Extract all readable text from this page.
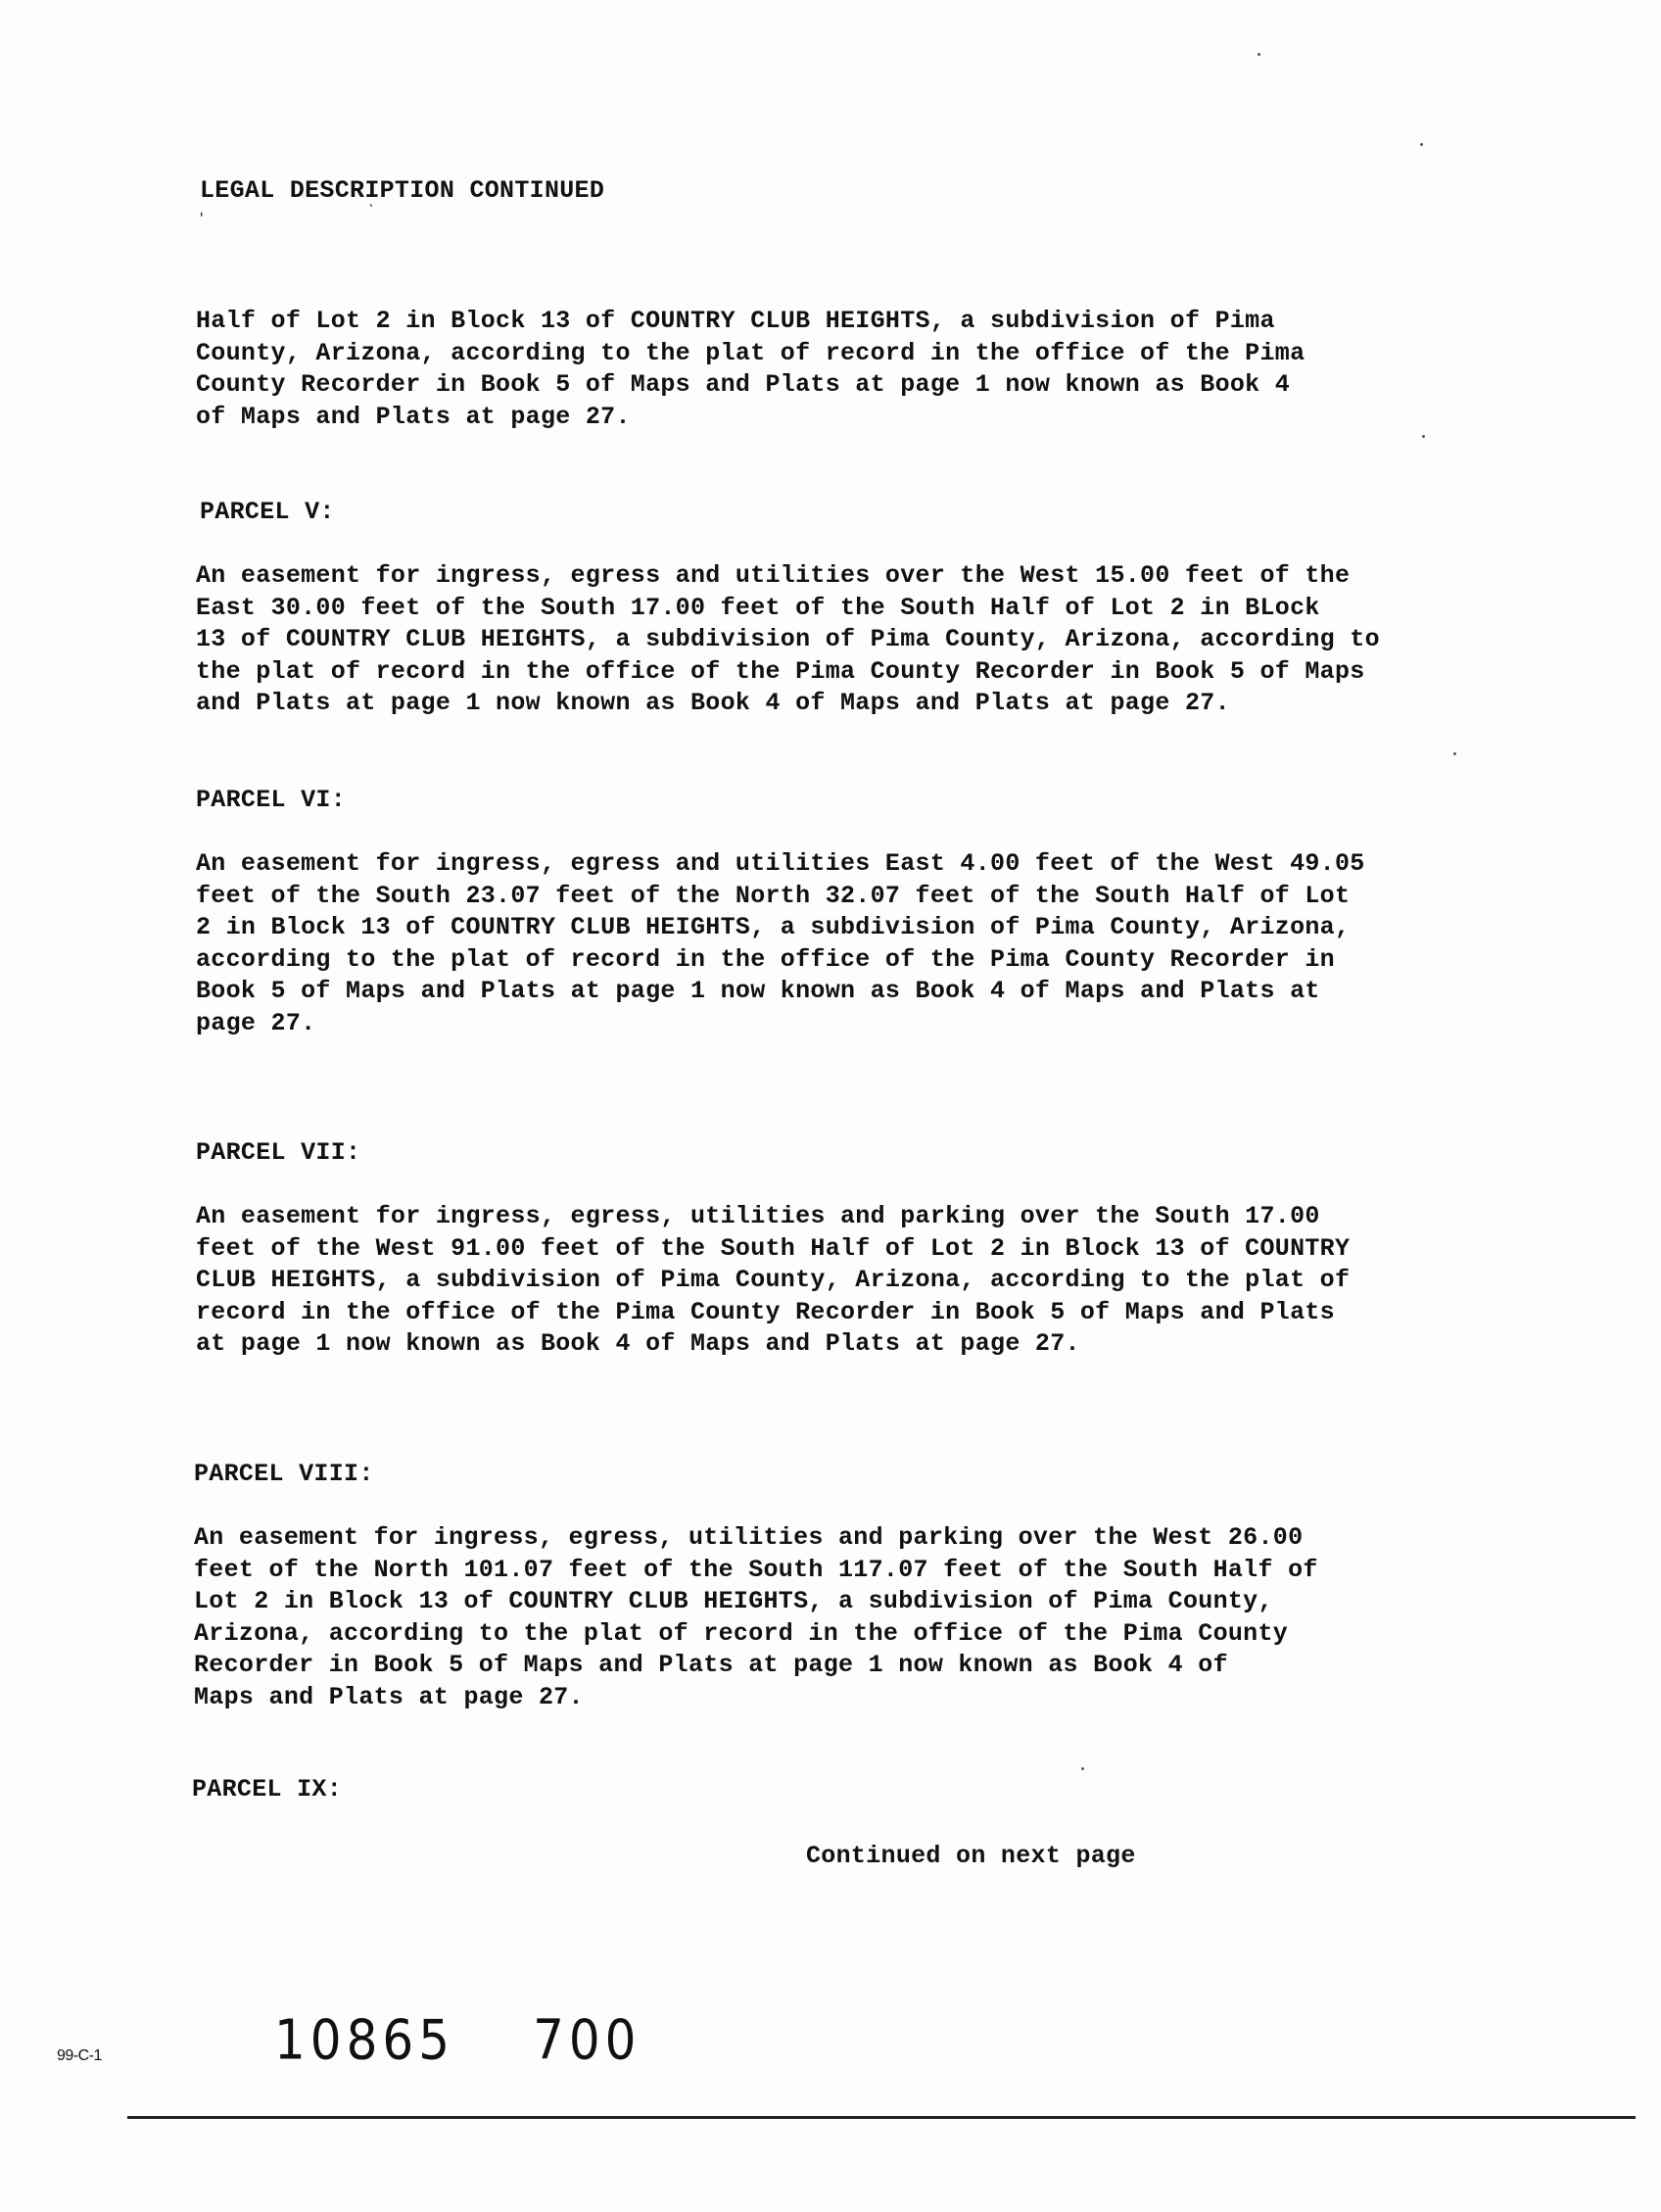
LEGAL DESCRIPTION CONTINUED
'	ˋ
Half of Lot 2 in Block 13 of COUNTRY CLUB HEIGHTS, a subdivision of Pima
County, Arizona, according to the plat of record in the office of the Pima
County Recorder in Book 5 of Maps and Plats at page 1 now known as Book 4
of Maps and Plats at page 27.
PARCEL V:
An easement for ingress, egress and utilities over the West 15.00 feet of the
East 30.00 feet of the South 17.00 feet of the South Half of Lot 2 in BLock
13 of COUNTRY CLUB HEIGHTS, a subdivision of Pima County, Arizona, according to
the plat of record in the office of the Pima County Recorder in Book 5 of Maps
and Plats at page 1 now known as Book 4 of Maps and Plats at page 27.
PARCEL VI:
An easement for ingress, egress and utilities East 4.00 feet of the West 49.05
feet of the South 23.07 feet of the North 32.07 feet of the South Half of Lot
2 in Block 13 of COUNTRY CLUB HEIGHTS, a subdivision of Pima County, Arizona,
according to the plat of record in the office of the Pima County Recorder in
Book 5 of Maps and Plats at page 1 now known as Book 4 of Maps and Plats at
page 27.
PARCEL VII:
An easement for ingress, egress, utilities and parking over the South 17.00
feet of the West 91.00 feet of the South Half of Lot 2 in Block 13 of COUNTRY
CLUB HEIGHTS, a subdivision of Pima County, Arizona, according to the plat of
record in the office of the Pima County Recorder in Book 5 of Maps and Plats
at page 1 now known as Book 4 of Maps and Plats at page 27.
PARCEL VIII:
An easement for ingress, egress, utilities and parking over the West 26.00
feet of the North 101.07 feet of the South 117.07 feet of the South Half of
Lot 2 in Block 13 of COUNTRY CLUB HEIGHTS, a subdivision of Pima County,
Arizona, according to the plat of record in the office of the Pima County
Recorder in Book 5 of Maps and Plats at page 1 now known as Book 4 of
Maps and Plats at page 27.
PARCEL IX:
Continued on next page
99-C-1	10865 700
